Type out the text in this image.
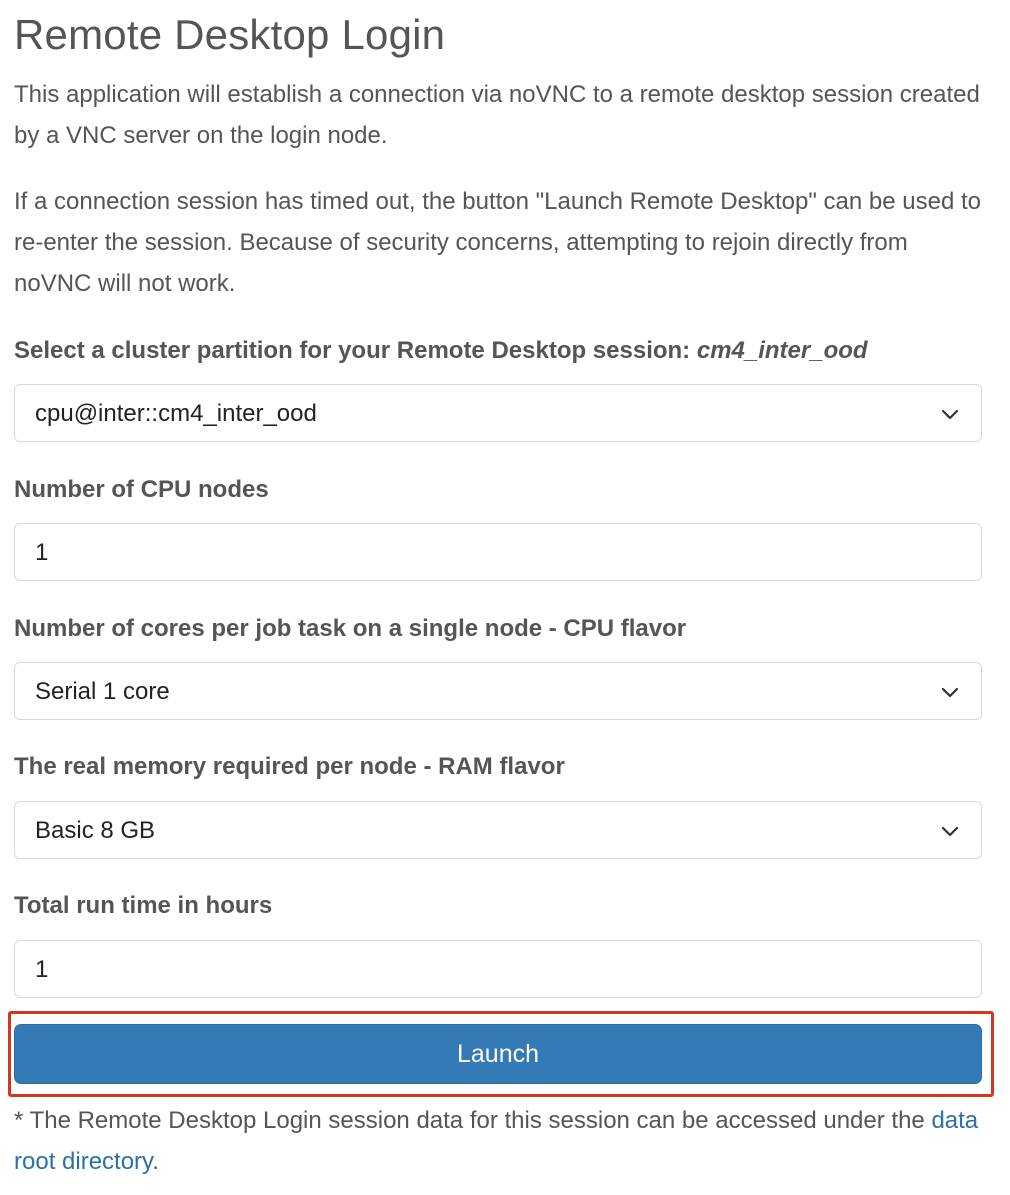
Remote Desktop Login

This application will establish a connection via noVNC to a remote desktop session created by a VNC server on the login node.

If a connection session has timed out, the button "Launch Remote Desktop" can be used to re-enter the session. Because of security concerns, attempting to rejoin directly from noVNC will not work.

Select a cluster partition for your Remote Desktop session: cm4_inter_ood
cpu@inter::cm4_inter_ood
Number of CPU nodes
1
Number of cores per job task on a single node - CPU flavor
Serial 1 core
The real memory required per node - RAM flavor
Basic 8 GB
Total run time in hours
1
Launch
* The Remote Desktop Login session data for this session can be accessed under the data root directory.
